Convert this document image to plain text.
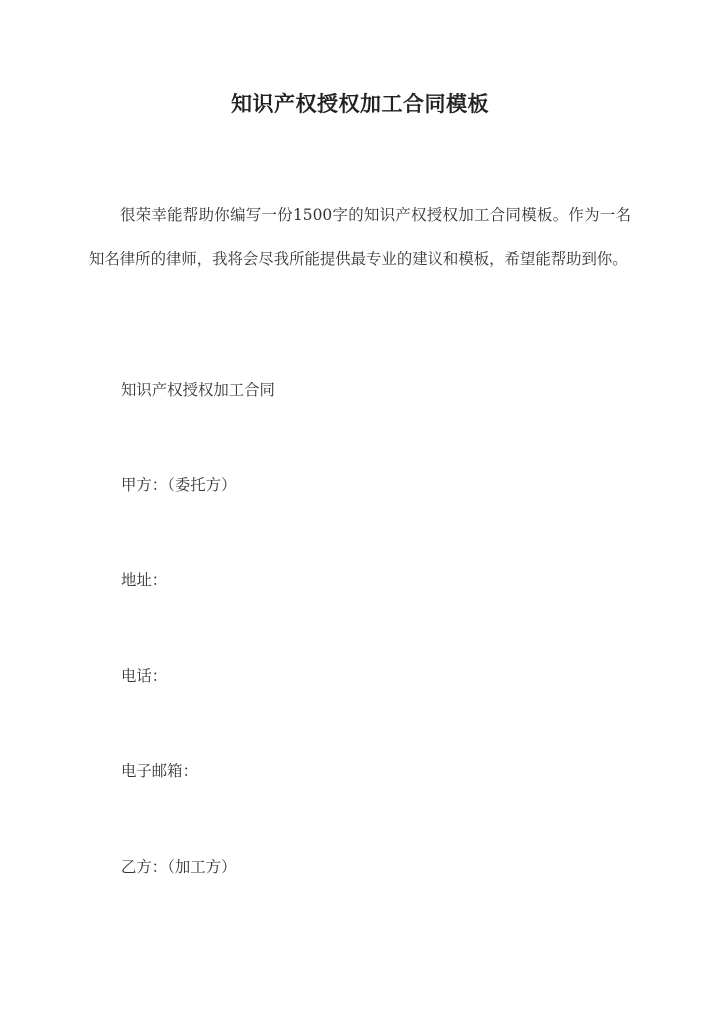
知识产权授权加工合同模板

很荣幸能帮助你编写一份1500字的知识产权授权加工合同模板。作为一名知名律所的律师，我将会尽我所能提供最专业的建议和模板，希望能帮助到你。

知识产权授权加工合同
甲方：（委托方）
地址：
电话：
电子邮箱：
乙方：（加工方）
